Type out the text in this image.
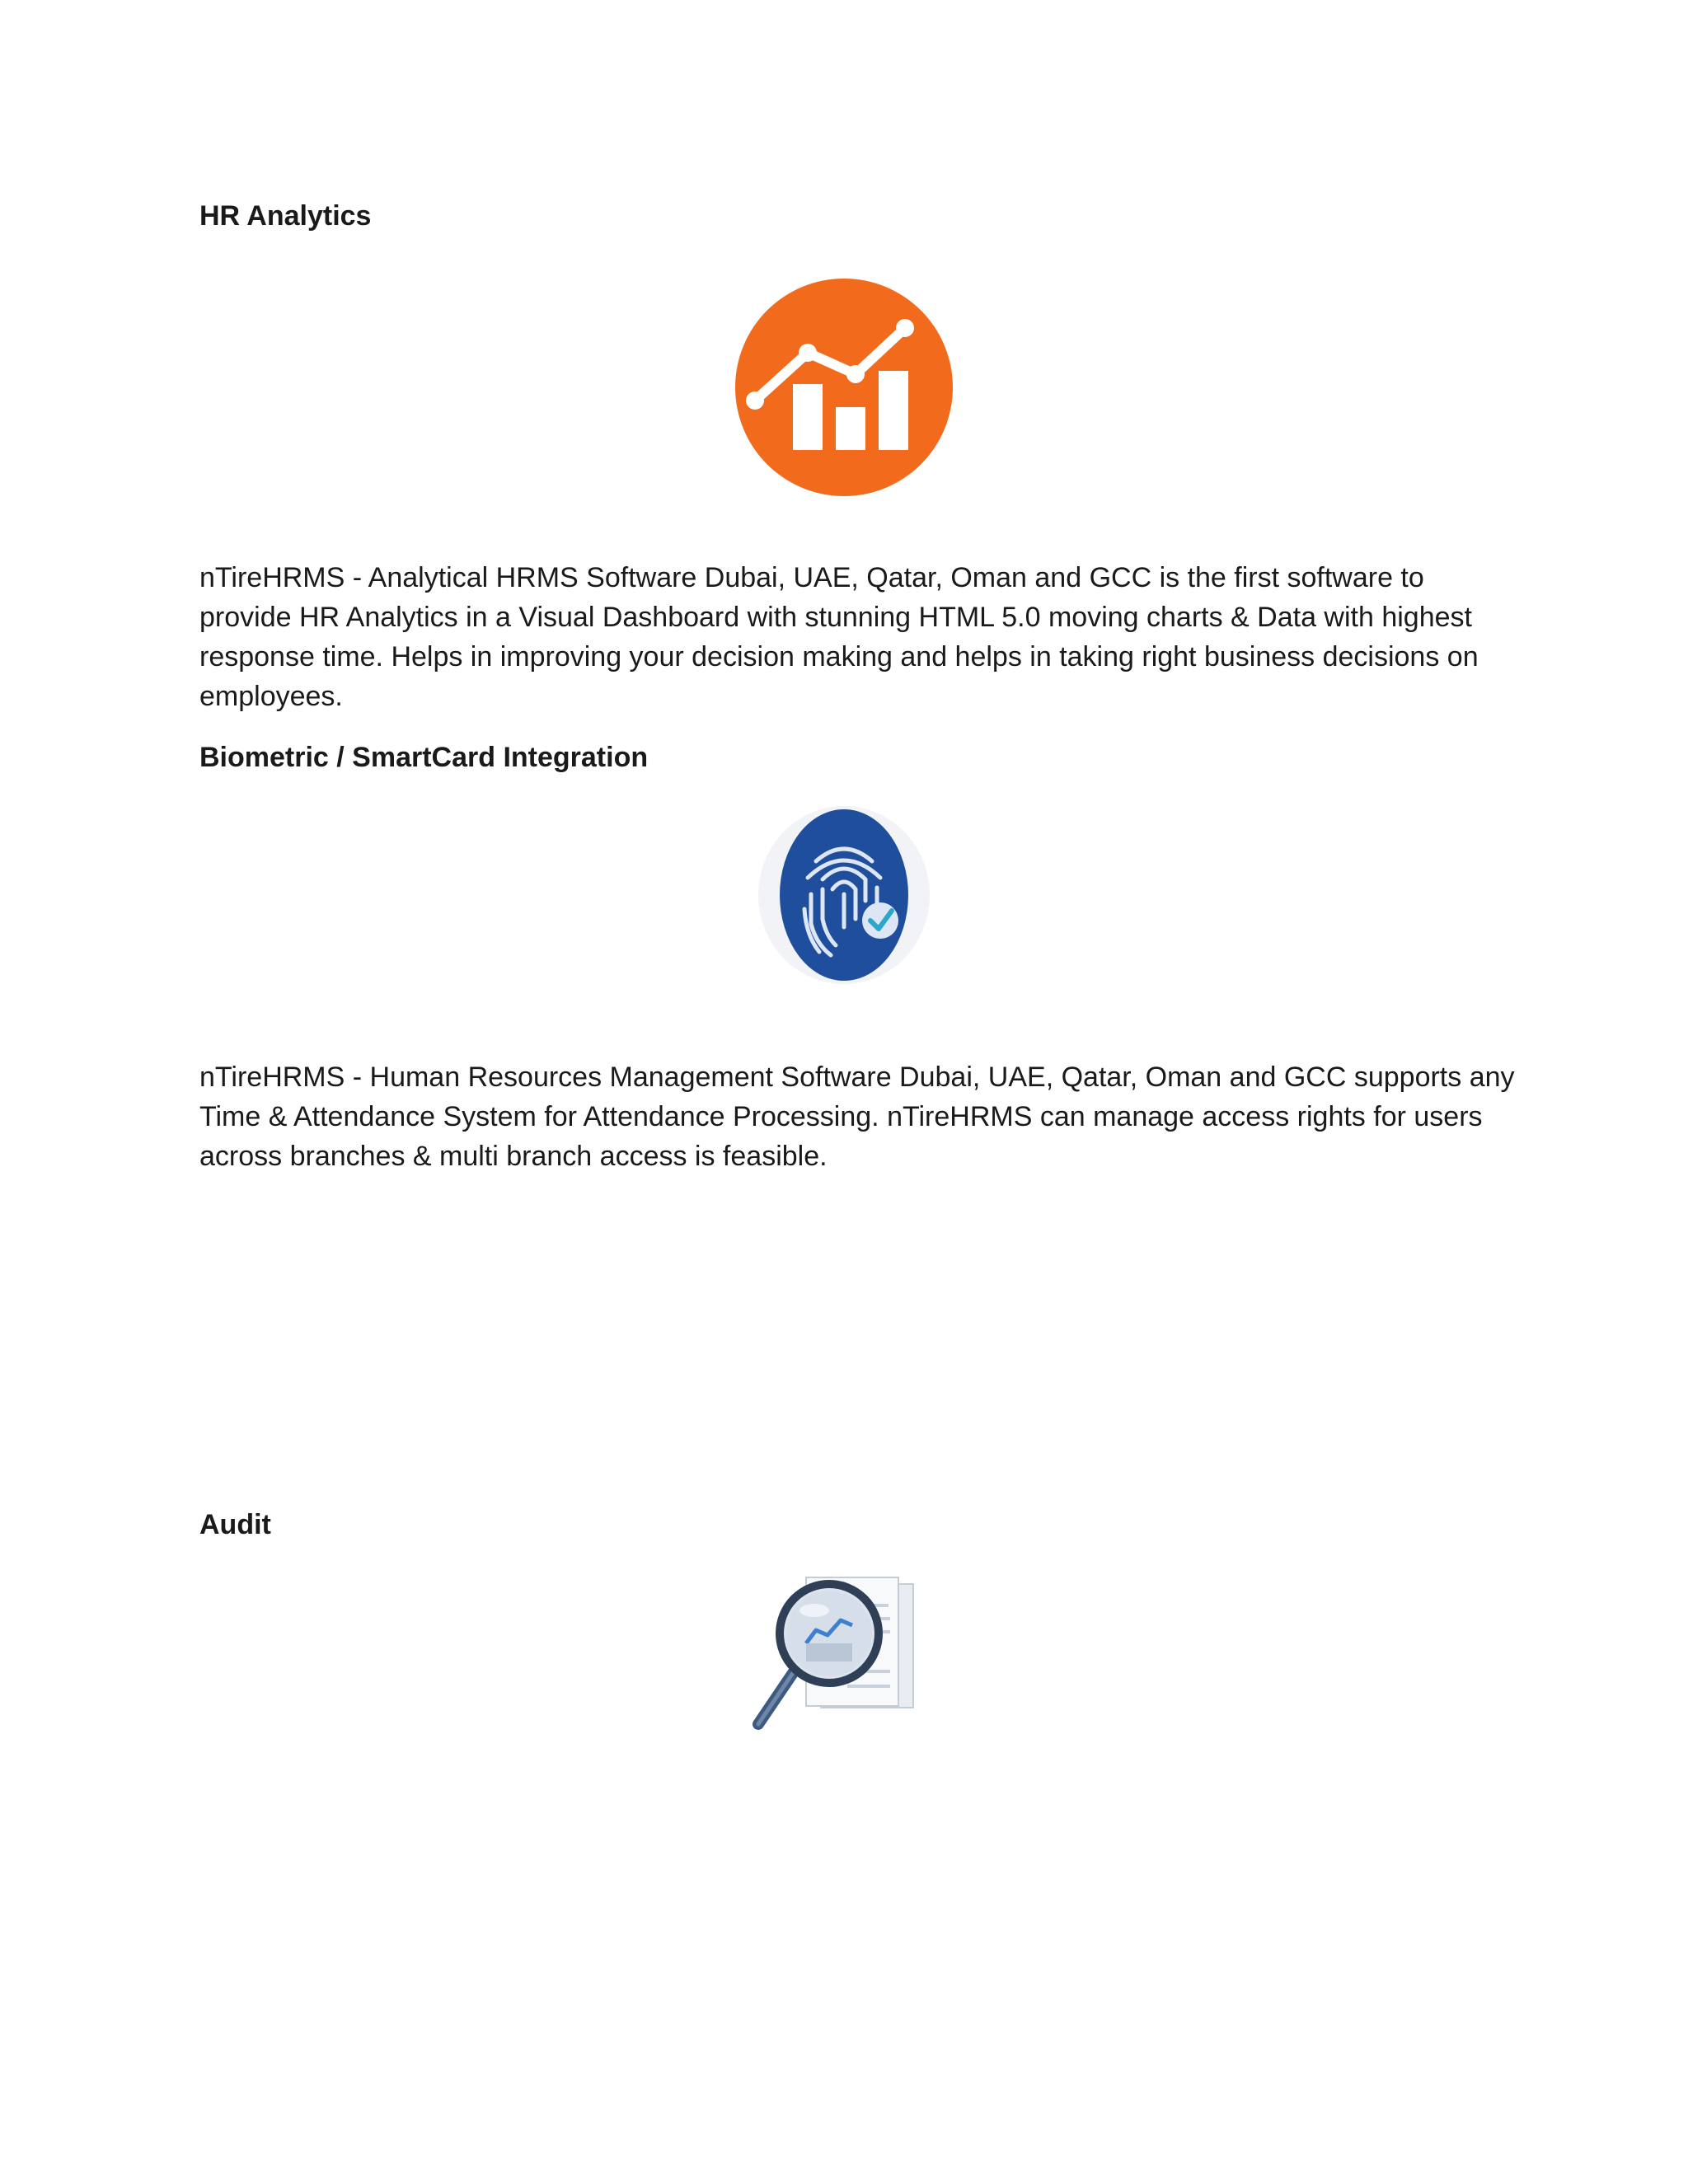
HR Analytics
nTireHRMS - Analytical HRMS Software Dubai, UAE, Qatar, Oman and GCC is the first software to
provide HR Analytics in a Visual Dashboard with stunning HTML 5.0 moving charts & Data with highest
response time. Helps in improving your decision making and helps in taking right business decisions on
employees.
Biometric / SmartCard Integration
nTireHRMS - Human Resources Management Software Dubai, UAE, Qatar, Oman and GCC supports any
Time & Attendance System for Attendance Processing. nTireHRMS can manage access rights for users
across branches & multi branch access is feasible.
Audit
